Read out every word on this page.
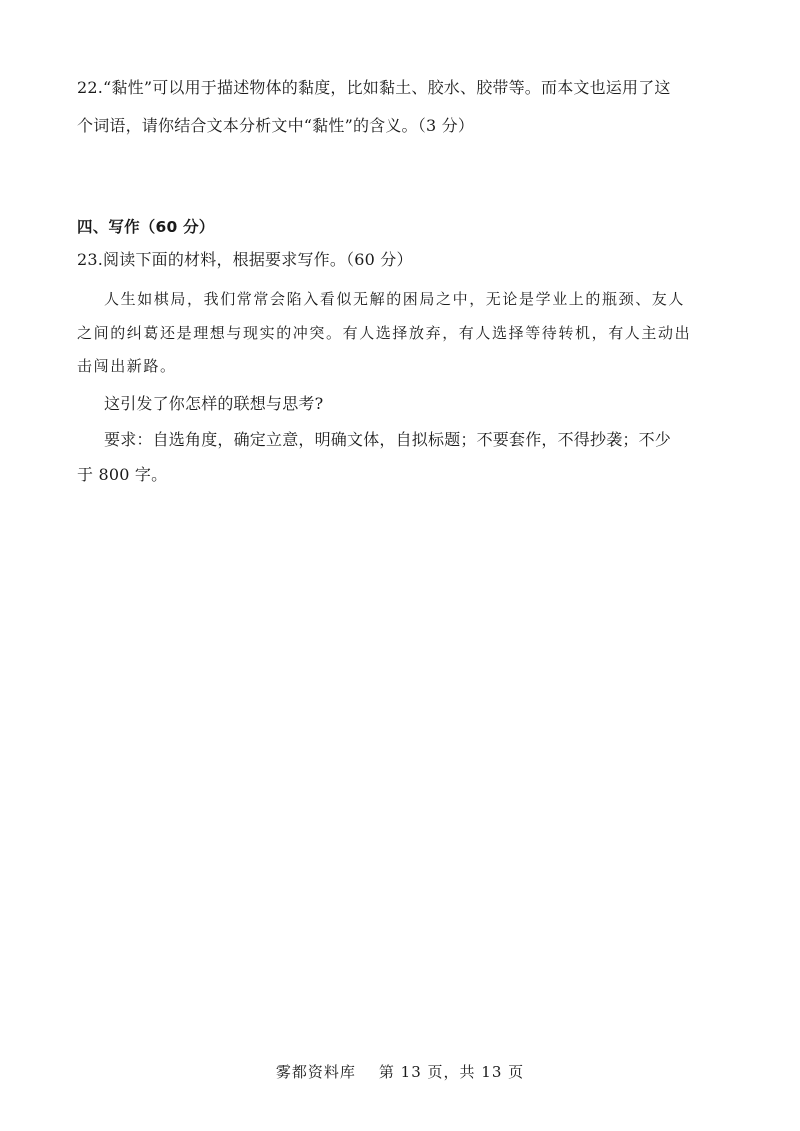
22.“黏性”可以用于描述物体的黏度，比如黏土、胶水、胶带等。而本文也运用了这
个词语，请你结合文本分析文中“黏性”的含义。（3 分）
四、写作（60 分）
23.阅读下面的材料，根据要求写作。（60 分）
人生如棋局，我们常常会陷入看似无解的困局之中，无论是学业上的瓶颈、友人
之间的纠葛还是理想与现实的冲突。有人选择放弃，有人选择等待转机，有人主动出
击闯出新路。
这引发了你怎样的联想与思考?
要求：自选角度，确定立意，明确文体，自拟标题；不要套作，不得抄袭；不少
于 800 字。
雾都资料库    第 13 页，共 13 页
